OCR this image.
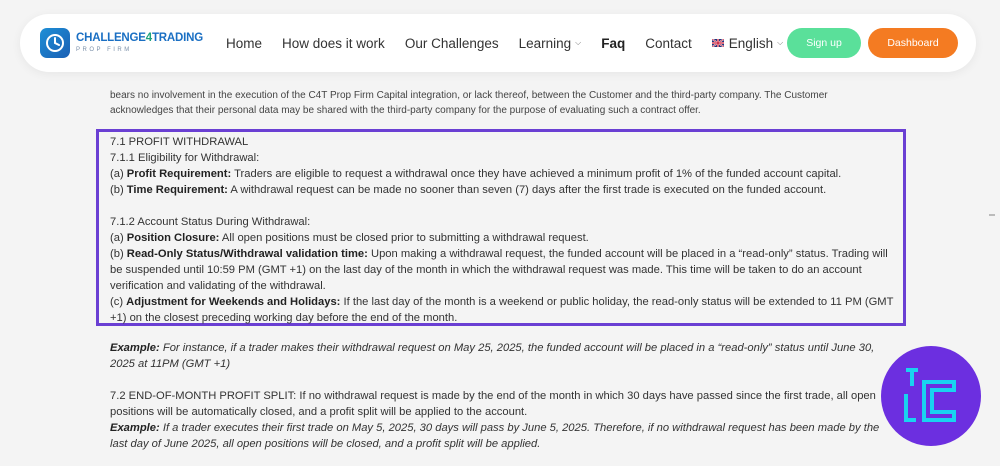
CHALLENGE4TRADING
PROP FIRM	Home How does it work Our Challenges Learning ⌵ Faq Contact	English ⌵	Sign up	Dashboard

bears no involvement in the execution of the C4T Prop Firm Capital integration, or lack thereof, between the Customer and the third-party company. The Customer acknowledges that their personal data may be shared with the third-party company for the purpose of evaluating such a contract offer.

7.1 PROFIT WITHDRAWAL

7.1.1 Eligibility for Withdrawal:

(a) Profit Requirement: Traders are eligible to request a withdrawal once they have achieved a minimum profit of 1% of the funded account capital.

(b) Time Requirement: A withdrawal request can be made no sooner than seven (7) days after the first trade is executed on the funded account.

7.1.2 Account Status During Withdrawal:

(a) Position Closure: All open positions must be closed prior to submitting a withdrawal request.

(b) Read-Only Status/Withdrawal validation time: Upon making a withdrawal request, the funded account will be placed in a “read-only” status. Trading will be suspended until 10:59 PM (GMT +1) on the last day of the month in which the withdrawal request was made. This time will be taken to do an account verification and validating of the withdrawal.

(c) Adjustment for Weekends and Holidays: If the last day of the month is a weekend or public holiday, the read-only status will be extended to 11 PM (GMT +1) on the closest preceding working day before the end of the month.

Example: For instance, if a trader makes their withdrawal request on May 25, 2025, the funded account will be placed in a “read-only” status until June 30, 2025 at 11PM (GMT +1)

7.2 END-OF-MONTH PROFIT SPLIT: If no withdrawal request is made by the end of the month in which 30 days have passed since the first trade, all open positions will be automatically closed, and a profit split will be applied to the account.

Example: If a trader executes their first trade on May 5, 2025, 30 days will pass by June 5, 2025. Therefore, if no withdrawal request has been made by the last day of June 2025, all open positions will be closed, and a profit split will be applied.
